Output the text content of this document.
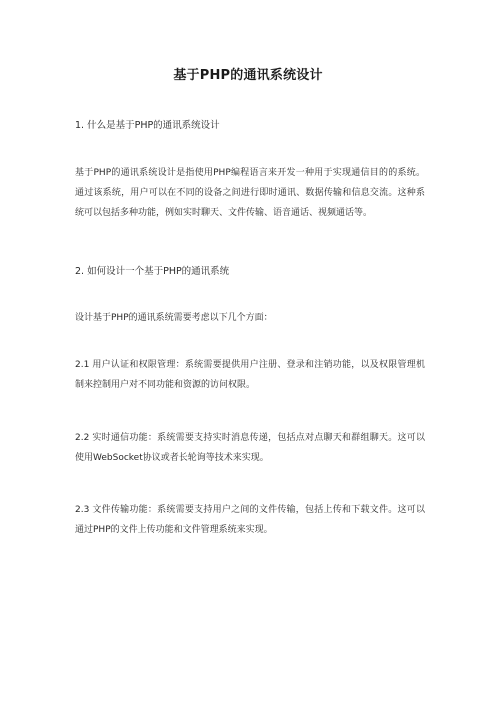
基于PHP的通讯系统设计
1. 什么是基于PHP的通讯系统设计
基于PHP的通讯系统设计是指使用PHP编程语言来开发一种用于实现通信目的的系统。通过该系统，用户可以在不同的设备之间进行即时通讯、数据传输和信息交流。这种系统可以包括多种功能，例如实时聊天、文件传输、语音通话、视频通话等。
2. 如何设计一个基于PHP的通讯系统
设计基于PHP的通讯系统需要考虑以下几个方面：
2.1 用户认证和权限管理：系统需要提供用户注册、登录和注销功能，以及权限管理机制来控制用户对不同功能和资源的访问权限。
2.2 实时通信功能：系统需要支持实时消息传递，包括点对点聊天和群组聊天。这可以使用WebSocket协议或者长轮询等技术来实现。
2.3 文件传输功能：系统需要支持用户之间的文件传输，包括上传和下载文件。这可以通过PHP的文件上传功能和文件管理系统来实现。
